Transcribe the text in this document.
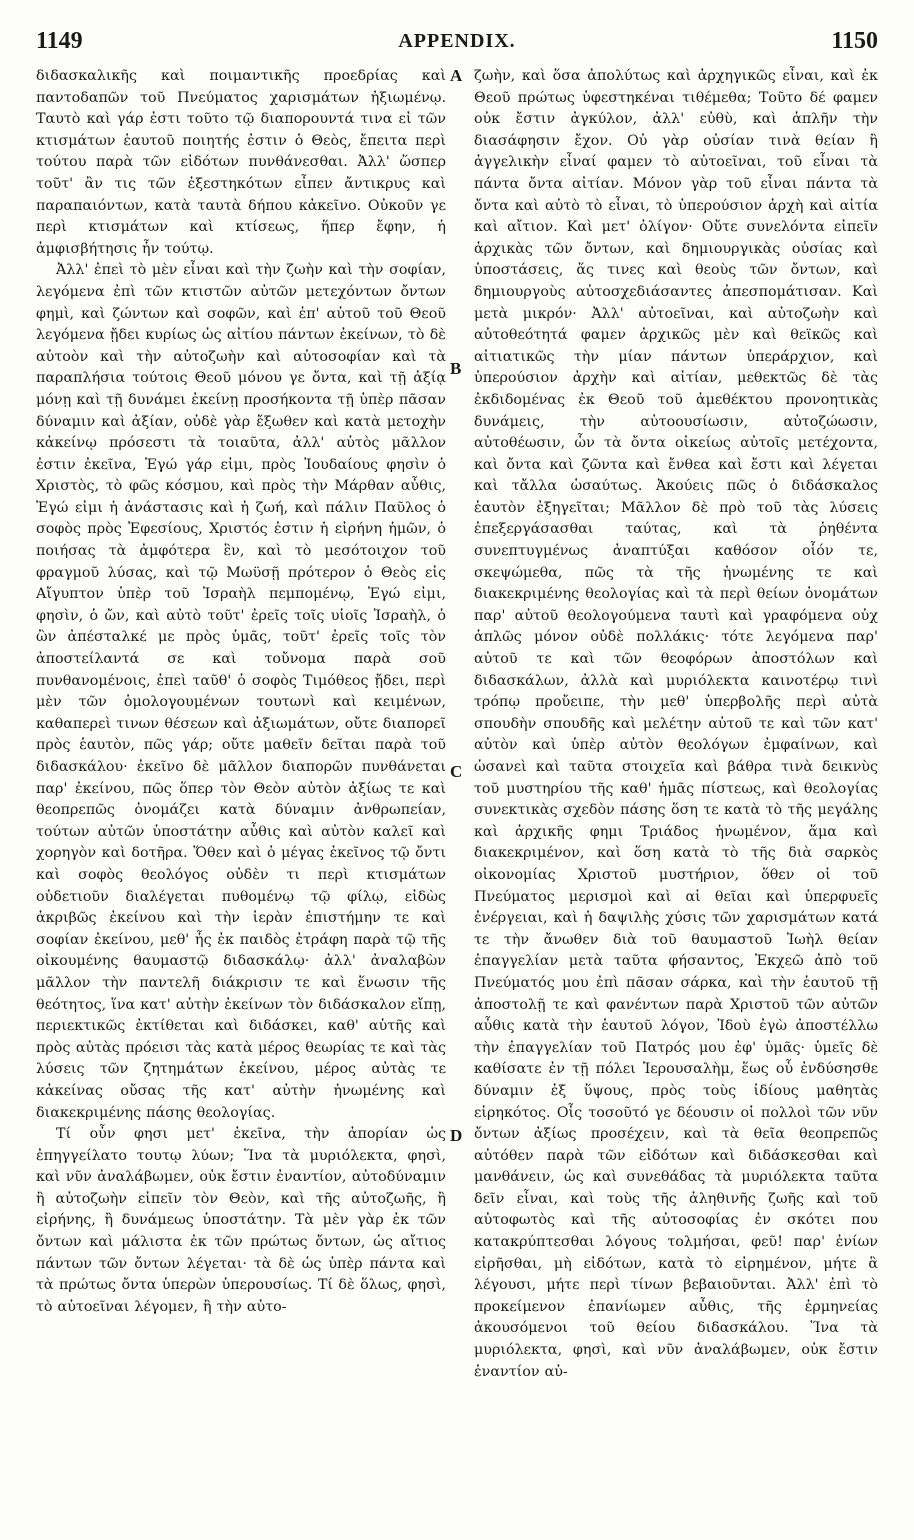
1149	APPENDIX.	1150

διδασκαλικῆς καὶ ποιμαντικῆς προεδρίας καὶ παντοδαπῶν τοῦ Πνεύματος χαρισμάτων ἠξιωμένῳ. Ταυτὸ καὶ γάρ ἐστι τοῦτο τῷ διαπορουντά τινα εἰ τῶν κτισμάτων ἑαυτοῦ ποιητής ἐστιν ὁ Θεὸς, ἔπειτα περὶ τούτου παρὰ τῶν εἰδότων πυνθάνεσθαι. Ἀλλ' ὥσπερ τοῦτ' ἂν τις τῶν ἐξεστηκότων εἶπεν ἄντικρυς καὶ παραπαιόντων, κατὰ ταυτὰ δήπου κἀκεῖνο. Οὐκοῦν γε περὶ κτισμάτων καὶ κτίσεως, ἥπερ ἔφην, ἡ ἀμφισβήτησις ἦν τούτῳ.

Ἀλλ' ἐπεὶ τὸ μὲν εἶναι καὶ τὴν ζωὴν καὶ τὴν σοφίαν, λεγόμενα ἐπὶ τῶν κτιστῶν αὐτῶν μετεχόντων ὄντων φημὶ, καὶ ζώντων καὶ σοφῶν, καὶ ἐπ' αὐτοῦ τοῦ Θεοῦ λεγόμενα ᾔδει κυρίως ὡς αἰτίου πάντων ἐκείνων, τὸ δὲ αὐτοὸν καὶ τὴν αὐτοζωὴν καὶ αὐτοσοφίαν καὶ τὰ παραπλήσια τούτοις Θεοῦ μόνου γε ὄντα, καὶ τῇ ἀξίᾳ μόνῃ καὶ τῇ δυνάμει ἐκείνῃ προσήκοντα τῇ ὑπὲρ πᾶσαν δύναμιν καὶ ἀξίαν, οὐδὲ γὰρ ἔξωθεν καὶ κατὰ μετοχὴν κἀκείνῳ πρόσεστι τὰ τοιαῦτα, ἀλλ' αὐτὸς μᾶλλον ἐστιν ἐκεῖνα, Ἐγώ γάρ εἰμι, πρὸς Ἰουδαίους φησὶν ὁ Χριστὸς, τὸ φῶς κόσμου, καὶ πρὸς τὴν Μάρθαν αὖθις, Ἐγώ εἰμι ἡ ἀνάστασις καὶ ἡ ζωή, καὶ πάλιν Παῦλος ὁ σοφὸς πρὸς Ἐφεσίους, Χριστός ἐστιν ἡ εἰρήνη ἡμῶν, ὁ ποιήσας τὰ ἀμφότερα ἓν, καὶ τὸ μεσότοιχον τοῦ φραγμοῦ λύσας, καὶ τῷ Μωϋσῇ πρότερον ὁ Θεὸς εἰς Αἴγυπτον ὑπὲρ τοῦ Ἰσραὴλ πεμπομένῳ, Ἐγώ εἰμι, φησὶν, ὁ ὤν, καὶ αὐτὸ τοῦτ' ἐρεῖς τοῖς υἱοῖς Ἰσραὴλ, ὁ ὢν ἀπέσταλκέ με πρὸς ὑμᾶς, τοῦτ' ἐρεῖς τοῖς τὸν ἀποστείλαντά σε καὶ τοὔνομα παρὰ σοῦ πυνθανομένοις, ἐπεὶ ταῦθ' ὁ σοφὸς Τιμόθεος ᾔδει, περὶ μὲν τῶν ὁμολογουμένων τουτωνὶ καὶ κειμένων, καθαπερεὶ τινων θέσεων καὶ ἀξιωμάτων, οὔτε διαπορεῖ πρὸς ἑαυτὸν, πῶς γάρ; οὔτε μαθεῖν δεῖται παρὰ τοῦ διδασκάλου· ἐκεῖνο δὲ μᾶλλον διαπορῶν πυνθάνεται παρ' ἐκείνου, πῶς ὅπερ τὸν Θεὸν αὐτὸν ἀξίως τε καὶ θεοπρεπῶς ὀνομάζει κατὰ δύναμιν ἀνθρωπείαν, τούτων αὐτῶν ὑποστάτην αὖθις καὶ αὐτὸν καλεῖ καὶ χορηγὸν καὶ δοτῆρα. Ὅθεν καὶ ὁ μέγας ἐκεῖνος τῷ ὄντι καὶ σοφὸς θεολόγος οὐδὲν τι περὶ κτισμάτων οὐδετιοῦν διαλέγεται πυθομένῳ τῷ φίλῳ, εἰδὼς ἀκριβῶς ἐκείνου καὶ τὴν ἱερὰν ἐπιστήμην τε καὶ σοφίαν ἐκείνου, μεθ' ἧς ἐκ παιδὸς ἐτράφη παρὰ τῷ τῆς οἰκουμένης θαυμαστῷ διδασκάλῳ· ἀλλ' ἀναλαβὼν μᾶλλον τὴν παντελῆ διάκρισιν τε καὶ ἕνωσιν τῆς θεότητος, ἵνα κατ' αὐτὴν ἐκείνων τὸν διδάσκαλον εἴπῃ, περιεκτικῶς ἐκτίθεται καὶ διδάσκει, καθ' αὑτῆς καὶ πρὸς αὐτὰς πρόεισι τὰς κατὰ μέρος θεωρίας τε καὶ τὰς λύσεις τῶν ζητημάτων ἐκείνου, μέρος αὐτὰς τε κἀκείνας οὔσας τῆς κατ' αὐτὴν ἡνωμένης καὶ διακεκριμένης πάσης θεολογίας.

Τί οὖν φησι μετ' ἐκεῖνα, τὴν ἀπορίαν ὡς ἐπηγγείλατο τουτῳ λύων; Ἵνα τὰ μυριόλεκτα, φησὶ, καὶ νῦν ἀναλάβωμεν, οὐκ ἔστιν ἐναντίον, αὐτοδύναμιν ἢ αὐτοζωὴν εἰπεῖν τὸν Θεὸν, καὶ τῆς αὐτοζωῆς, ἢ εἰρήνης, ἢ δυνάμεως ὑποστάτην. Τὰ μὲν γὰρ ἐκ τῶν ὄντων καὶ μάλιστα ἐκ τῶν πρώτως ὄντων, ὡς αἴτιος πάντων τῶν ὄντων λέγεται· τὰ δὲ ὡς ὑπὲρ πάντα καὶ τὰ πρώτως ὄντα ὑπερὼν ὑπερουσίως. Τί δὲ ὅλως, φησὶ, τὸ αὐτοεῖναι λέγομεν, ἢ τὴν αὐτο-

A
B
C
D

ζωὴν, καὶ ὅσα ἀπολύτως καὶ ἀρχηγικῶς εἶναι, καὶ ἐκ Θεοῦ πρώτως ὑφεστηκέναι τιθέμεθα; Τοῦτο δέ φαμεν οὐκ ἔστιν ἀγκύλον, ἀλλ' εὐθὺ, καὶ ἁπλῆν τὴν διασάφησιν ἔχον. Οὐ γὰρ οὐσίαν τινὰ θείαν ἢ ἀγγελικὴν εἶναί φαμεν τὸ αὐτοεῖναι, τοῦ εἶναι τὰ πάντα ὄντα αἰτίαν. Μόνον γὰρ τοῦ εἶναι πάντα τὰ ὄντα καὶ αὐτὸ τὸ εἶναι, τὸ ὑπερούσιον ἀρχὴ καὶ αἰτία καὶ αἴτιον. Καὶ μετ' ὀλίγον· Οὔτε συνελόντα εἰπεῖν ἀρχικὰς τῶν ὄντων, καὶ δημιουργικὰς οὐσίας καὶ ὑποστάσεις, ἅς τινες καὶ θεοὺς τῶν ὄντων, καὶ δημιουργοὺς αὐτοσχεδιάσαντες ἀπεσπομάτισαν. Καὶ μετὰ μικρόν· Ἀλλ' αὐτοεῖναι, καὶ αὐτοζωὴν καὶ αὐτοθεότητά φαμεν ἀρχικῶς μὲν καὶ θεϊκῶς καὶ αἰτιατικῶς τὴν μίαν πάντων ὑπεράρχιον, καὶ ὑπερούσιον ἀρχὴν καὶ αἰτίαν, μεθεκτῶς δὲ τὰς ἐκδιδομένας ἐκ Θεοῦ τοῦ ἀμεθέκτου προνοητικὰς δυνάμεις, τὴν αὐτοουσίωσιν, αὐτοζώωσιν, αὐτοθέωσιν, ὧν τὰ ὄντα οἰκείως αὐτοῖς μετέχοντα, καὶ ὄντα καὶ ζῶντα καὶ ἔνθεα καὶ ἔστι καὶ λέγεται καὶ τἄλλα ὡσαύτως. Ἀκούεις πῶς ὁ διδάσκαλος ἑαυτὸν ἐξηγεῖται; Μᾶλλον δὲ πρὸ τοῦ τὰς λύσεις ἐπεξεργάσασθαι ταύτας, καὶ τὰ ῥηθέντα συνεπτυγμένως ἀναπτύξαι καθόσον οἷόν τε, σκεψώμεθα, πῶς τὰ τῆς ἡνωμένης τε καὶ διακεκριμένης θεολογίας καὶ τὰ περὶ θείων ὀνομάτων παρ' αὐτοῦ θεολογούμενα ταυτὶ καὶ γραφόμενα οὐχ ἁπλῶς μόνον οὐδὲ πολλάκις· τότε λεγόμενα παρ' αὐτοῦ τε καὶ τῶν θεοφόρων ἀποστόλων καὶ διδασκάλων, ἀλλὰ καὶ μυριόλεκτα καινοτέρῳ τινὶ τρόπῳ προὔειπε, τὴν μεθ' ὑπερβολῆς περὶ αὐτὰ σπουδὴν σπουδῆς καὶ μελέτην αὐτοῦ τε καὶ τῶν κατ' αὐτὸν καὶ ὑπὲρ αὐτὸν θεολόγων ἐμφαίνων, καὶ ὡσανεὶ καὶ ταῦτα στοιχεῖα καὶ βάθρα τινὰ δεικνὺς τοῦ μυστηρίου τῆς καθ' ἡμᾶς πίστεως, καὶ θεολογίας συνεκτικὰς σχεδὸν πάσης ὅση τε κατὰ τὸ τῆς μεγάλης καὶ ἀρχικῆς φημι Τριάδος ἡνωμένον, ἅμα καὶ διακεκριμένον, καὶ ὅση κατὰ τὸ τῆς διὰ σαρκὸς οἰκονομίας Χριστοῦ μυστήριον, ὅθεν οἱ τοῦ Πνεύματος μερισμοὶ καὶ αἱ θεῖαι καὶ ὑπερφυεῖς ἐνέργειαι, καὶ ἡ δαψιλὴς χύσις τῶν χαρισμάτων κατά τε τὴν ἄνωθεν διὰ τοῦ θαυμαστοῦ Ἰωὴλ θείαν ἐπαγγελίαν μετὰ ταῦτα φήσαντος, Ἐκχεῶ ἀπὸ τοῦ Πνεύματός μου ἐπὶ πᾶσαν σάρκα, καὶ τὴν ἑαυτοῦ τῇ ἀποστολῇ τε καὶ φανέντων παρὰ Χριστοῦ τῶν αὐτῶν αὖθις κατὰ τὴν ἑαυτοῦ λόγον, Ἰδοὺ ἐγὼ ἀποστέλλω τὴν ἐπαγγελίαν τοῦ Πατρός μου ἐφ' ὑμᾶς· ὑμεῖς δὲ καθίσατε ἐν τῇ πόλει Ἰερουσαλὴμ, ἕως οὗ ἐνδύσησθε δύναμιν ἐξ ὕψους, πρὸς τοὺς ἰδίους μαθητὰς εἰρηκότος. Οἷς τοσοῦτό γε δέουσιν οἱ πολλοὶ τῶν νῦν ὄντων ἀξίως προσέχειν, καὶ τὰ θεῖα θεοπρεπῶς αὐτόθεν παρὰ τῶν εἰδότων καὶ διδάσκεσθαι καὶ μανθάνειν, ὡς καὶ συνεθάδας τὰ μυριόλεκτα ταῦτα δεῖν εἶναι, καὶ τοὺς τῆς ἀληθινῆς ζωῆς καὶ τοῦ αὐτοφωτὸς καὶ τῆς αὐτοσοφίας ἐν σκότει που κατακρύπτεσθαι λόγους τολμήσαι, φεῦ! παρ' ἐνίων εἰρῆσθαι, μὴ εἰδότων, κατὰ τὸ εἰρημένον, μήτε ἃ λέγουσι, μήτε περὶ τίνων βεβαιοῦνται. Ἀλλ' ἐπὶ τὸ προκείμενον ἐπανίωμεν αὖθις, τῆς ἑρμηνείας ἀκουσόμενοι τοῦ θείου διδασκάλου. Ἵνα τὰ μυριόλεκτα, φησὶ, καὶ νῦν ἀναλάβωμεν, οὐκ ἔστιν ἐναντίον αὐ-
